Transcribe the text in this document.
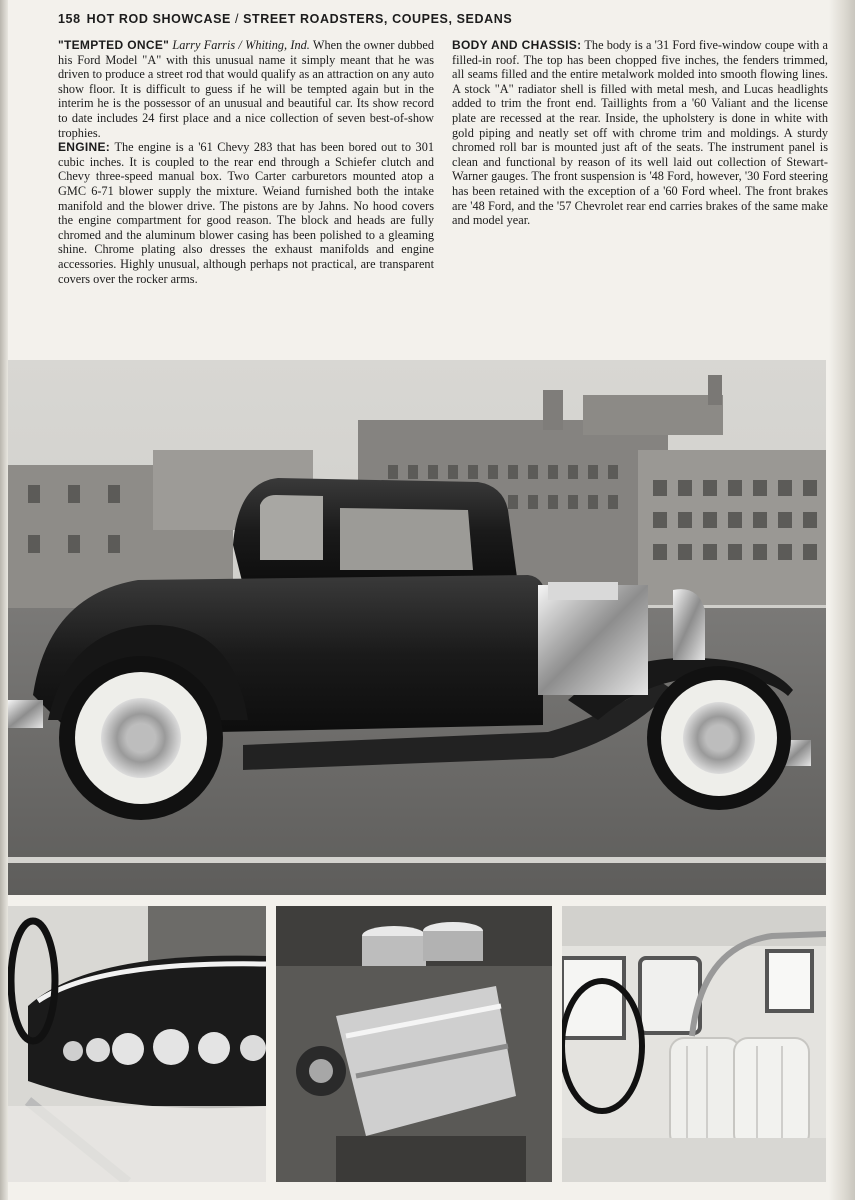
158 HOT ROD SHOWCASE / STREET ROADSTERS, COUPES, SEDANS

"TEMPTED ONCE" Larry Farris / Whiting, Ind. When the owner dubbed his Ford Model "A" with this unusual name it simply meant that he was driven to produce a street rod that would qualify as an attraction on any auto show floor. It is difficult to guess if he will be tempted again but in the interim he is the possessor of an unusual and beautiful car. Its show record to date includes 24 first place and a nice collection of seven best-of-show trophies.

ENGINE: The engine is a '61 Chevy 283 that has been bored out to 301 cubic inches. It is coupled to the rear end through a Schiefer clutch and Chevy three-speed manual box. Two Carter carburetors mounted atop a GMC 6-71 blower supply the mixture. Weiand furnished both the intake manifold and the blower drive. The pistons are by Jahns. No hood covers the engine compartment for good reason. The block and heads are fully chromed and the aluminum blower casing has been polished to a gleaming shine. Chrome plating also dresses the exhaust manifolds and engine accessories. Highly unusual, although perhaps not practical, are transparent covers over the rocker arms.

BODY AND CHASSIS: The body is a '31 Ford five-window coupe with a filled-in roof. The top has been chopped five inches, the fenders trimmed, all seams filled and the entire metalwork molded into smooth flowing lines. A stock "A" radiator shell is filled with metal mesh, and Lucas headlights added to trim the front end. Taillights from a '60 Valiant and the license plate are recessed at the rear. Inside, the upholstery is done in white with gold piping and neatly set off with chrome trim and moldings. A sturdy chromed roll bar is mounted just aft of the seats. The instrument panel is clean and functional by reason of its well laid out collection of Stewart-Warner gauges. The front suspension is '48 Ford, however, '30 Ford steering has been retained with the exception of a '60 Ford wheel. The front brakes are '48 Ford, and the '57 Chevrolet rear end carries brakes of the same make and model year.
